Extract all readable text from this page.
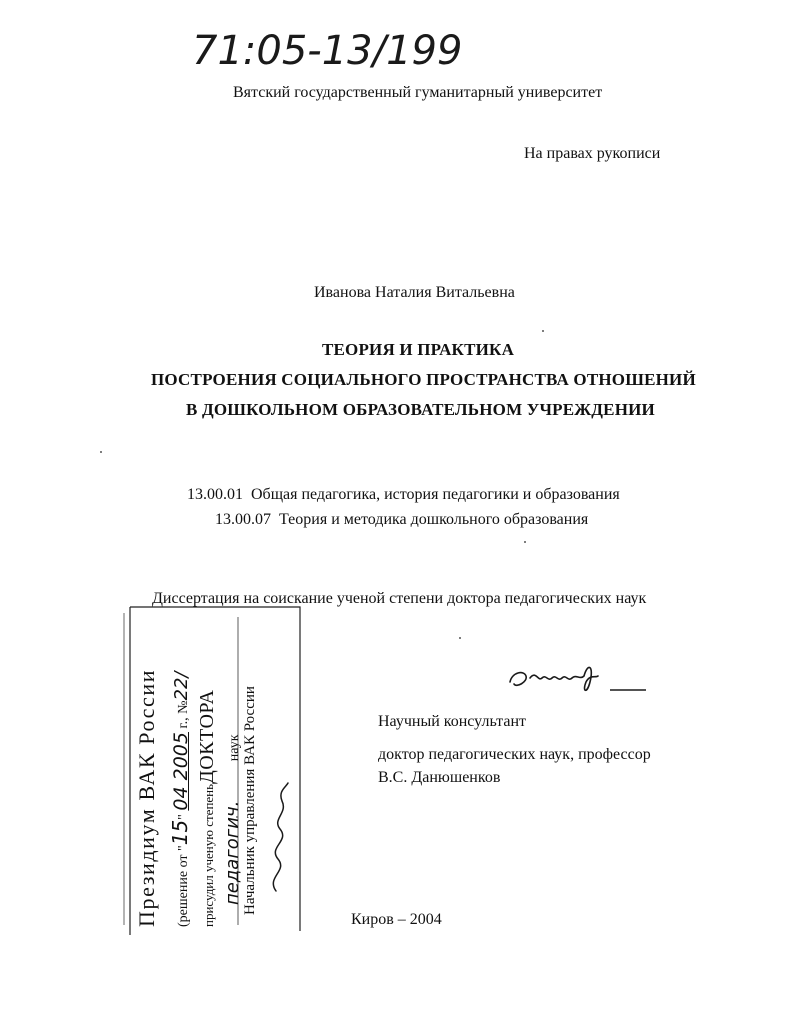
71:05-13/199
Вятский государственный гуманитарный университет
На правах рукописи
Иванова Наталия Витальевна
ТЕОРИЯ И ПРАКТИКА
ПОСТРОЕНИЯ СОЦИАЛЬНОГО ПРОСТРАНСТВА ОТНОШЕНИЙ
В ДОШКОЛЬНОМ ОБРАЗОВАТЕЛЬНОМ УЧРЕЖДЕНИИ
13.00.01  Общая педагогика, история педагогики и образования
13.00.07  Теория и методика дошкольного образования
Диссертация на соискание ученой степени доктора педагогических наук
Научный консультант
доктор педагогических наук, профессор
В.С. Данюшенков
Киров – 2004
Президиум ВАК России	(решение от "15" 04 2005 г., №22/
присудил ученую степеньДОКТОРА
педагогич. наук Начальник управления ВАК России
